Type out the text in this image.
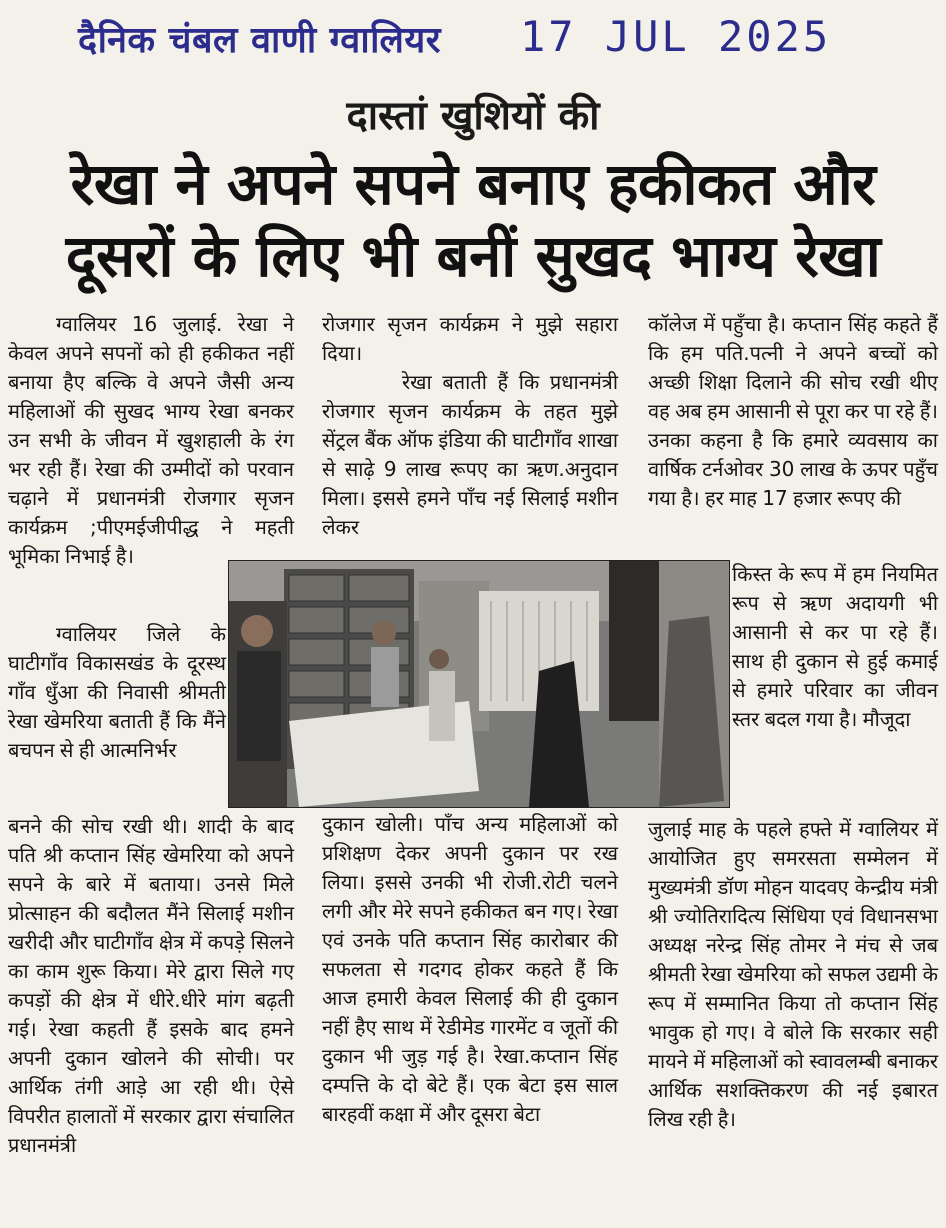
दैनिक चंबल वाणी ग्वालियर 17 JUL 2025
दास्तां खुशियों की
रेखा ने अपने सपने बनाए हकीकत और दूसरों के लिए भी बनीं सुखद भाग्य रेखा

ग्वालियर 16 जुलाई. रेखा ने केवल अपने सपनों को ही हकीकत नहीं बनाया हैए बल्कि वे अपने जैसी अन्य महिलाओं की सुखद भाग्य रेखा बनकर उन सभी के जीवन में खुशहाली के रंग भर रही हैं। रेखा की उम्मीदों को परवान चढ़ाने में प्रधानमंत्री रोजगार सृजन कार्यक्रम ;पीएमईजीपीद्ध ने महती भूमिका निभाई है।

ग्वालियर जिले के घाटीगाँव विकासखंड के दूरस्थ गाँव धुँआ की निवासी श्रीमती रेखा खेमरिया बताती हैं कि मैंने बचपन से ही आत्मनिर्भर

बनने की सोच रखी थी। शादी के बाद पति श्री कप्तान सिंह खेमरिया को अपने सपने के बारे में बताया। उनसे मिले प्रोत्साहन की बदौलत मैंने सिलाई मशीन खरीदी और घाटीगाँव क्षेत्र में कपड़े सिलने का काम शुरू किया। मेरे द्वारा सिले गए कपड़ों की क्षेत्र में धीरे.धीरे मांग बढ़ती गई। रेखा कहती हैं इसके बाद हमने अपनी दुकान खोलने की सोची। पर आर्थिक तंगी आड़े आ रही थी। ऐसे विपरीत हालातों में सरकार द्वारा संचालित प्रधानमंत्री

रोजगार सृजन कार्यक्रम ने मुझे सहारा दिया।

रेखा बताती हैं कि प्रधानमंत्री रोजगार सृजन कार्यक्रम के तहत मुझे सेंट्रल बैंक ऑफ इंडिया की घाटीगाँव शाखा से साढ़े 9 लाख रूपए का ऋण.अनुदान मिला। इससे हमने पाँच नई सिलाई मशीन लेकर

दुकान खोली। पाँच अन्य महिलाओं को प्रशिक्षण देकर अपनी दुकान पर रख लिया। इससे उनकी भी रोजी.रोटी चलने लगी और मेरे सपने हकीकत बन गए। रेखा एवं उनके पति कप्तान सिंह कारोबार की सफलता से गदगद होकर कहते हैं कि आज हमारी केवल सिलाई की ही दुकान नहीं हैए साथ में रेडीमेड गारमेंट व जूतों की दुकान भी जुड़ गई है। रेखा.कप्तान सिंह दम्पत्ति के दो बेटे हैं। एक बेटा इस साल बारहवीं कक्षा में और दूसरा बेटा

कॉलेज में पहुँचा है। कप्तान सिंह कहते हैं कि हम पति.पत्नी ने अपने बच्चों को अच्छी शिक्षा दिलाने की सोच रखी थीए वह अब हम आसानी से पूरा कर पा रहे हैं। उनका कहना है कि हमारे व्यवसाय का वार्षिक टर्नओवर 30 लाख के ऊपर पहुँच गया है। हर माह 17 हजार रूपए की

किस्त के रूप में हम नियमित रूप से ऋण अदायगी भी आसानी से कर पा रहे हैं। साथ ही दुकान से हुई कमाई से हमारे परिवार का जीवन स्तर बदल गया है। मौजूदा

जुलाई माह के पहले हफ्ते में ग्वालियर में आयोजित हुए समरसता सम्मेलन में मुख्यमंत्री डॉण मोहन यादवए केन्द्रीय मंत्री श्री ज्योतिरादित्य सिंधिया एवं विधानसभा अध्यक्ष नरेन्द्र सिंह तोमर ने मंच से जब श्रीमती रेखा खेमरिया को सफल उद्यमी के रूप में सम्मानित किया तो कप्तान सिंह भावुक हो गए। वे बोले कि सरकार सही मायने में महिलाओं को स्वावलम्बी बनाकर आर्थिक सशक्तिकरण की नई इबारत लिख रही है।
